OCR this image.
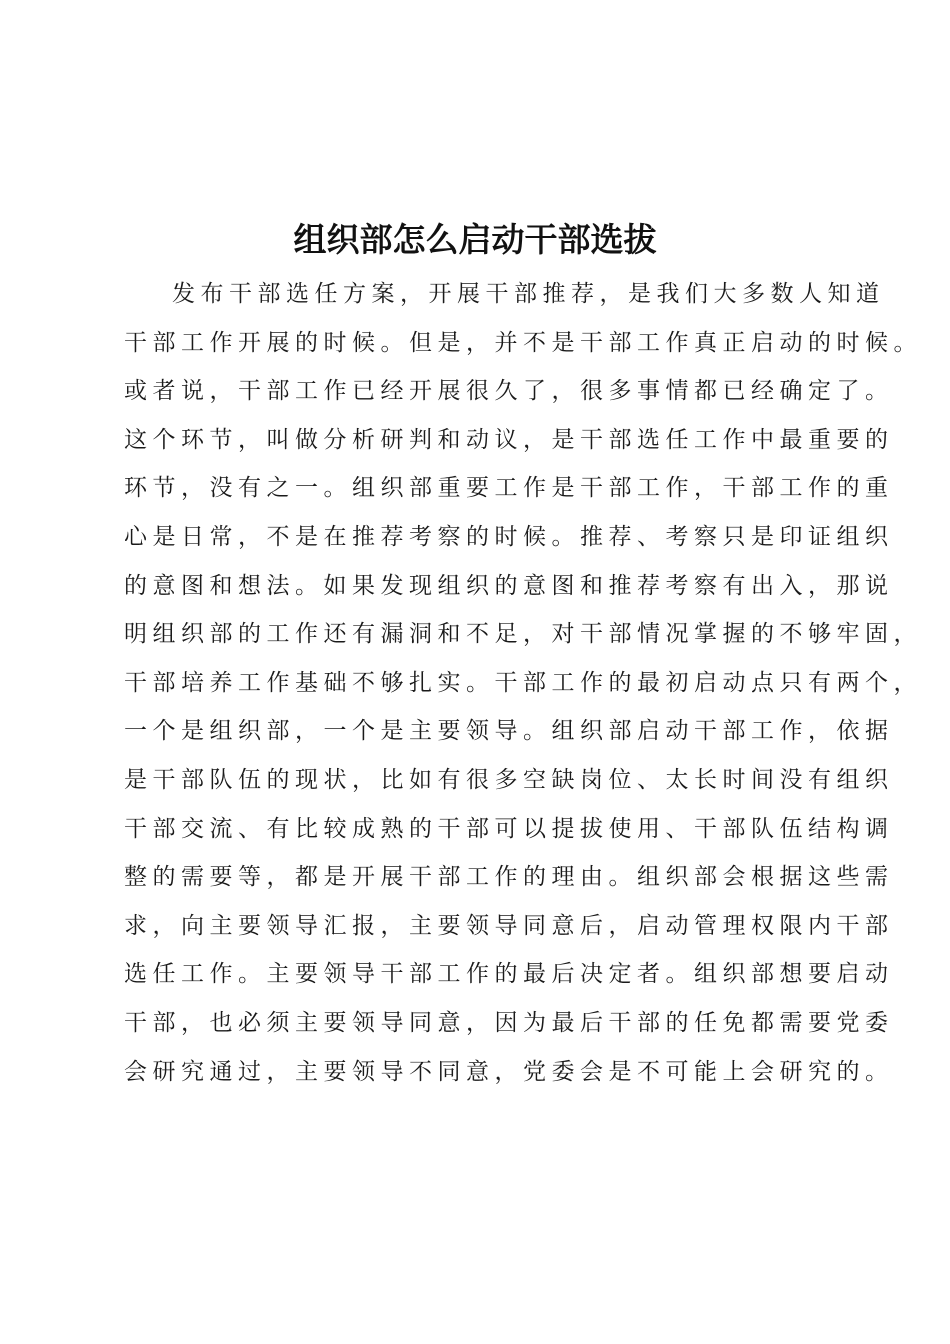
组织部怎么启动干部选拔
发布干部选任方案，开展干部推荐，是我们大多数人知道
干部工作开展的时候。但是，并不是干部工作真正启动的时候。
或者说，干部工作已经开展很久了，很多事情都已经确定了。
这个环节，叫做分析研判和动议，是干部选任工作中最重要的
环节，没有之一。组织部重要工作是干部工作，干部工作的重
心是日常，不是在推荐考察的时候。推荐、考察只是印证组织
的意图和想法。如果发现组织的意图和推荐考察有出入，那说
明组织部的工作还有漏洞和不足，对干部情况掌握的不够牢固，
干部培养工作基础不够扎实。干部工作的最初启动点只有两个，
一个是组织部，一个是主要领导。组织部启动干部工作，依据
是干部队伍的现状，比如有很多空缺岗位、太长时间没有组织
干部交流、有比较成熟的干部可以提拔使用、干部队伍结构调
整的需要等，都是开展干部工作的理由。组织部会根据这些需
求，向主要领导汇报，主要领导同意后，启动管理权限内干部
选任工作。主要领导干部工作的最后决定者。组织部想要启动
干部，也必须主要领导同意，因为最后干部的任免都需要党委
会研究通过，主要领导不同意，党委会是不可能上会研究的。
